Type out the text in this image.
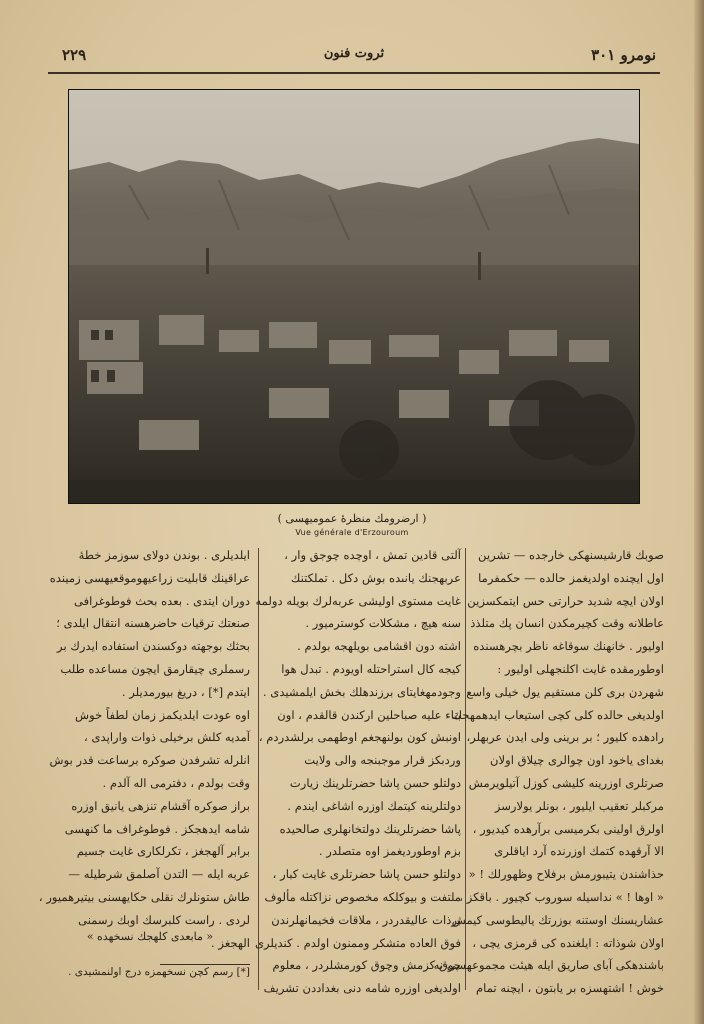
نومرو ٣٠١
ثروت فنون
٢٢٩
( ارضرومك منظرۀ عموميهسى )
Vue générale d'Erzouroum
صوبك قارشيسنهكى خارجده — تشرين
اول ايچنده اولديغمز حالده — حكمفرما
اولان ايچه شديد حرارتى حس ايتمكسزين
عاطلانه وقت كچيرمكدن انسان پك متلذذ
اوليور . خانهنك سوقاغه ناظر بچرهسنده
اوطورمقده غايت اكلنجهلى اوليور :
شهردن برى كلن مستقيم يول خيلى واسع
اولديغى حالده كلى كچى استيعاب ايدهمهجك
رادهده كليور ؛ بر برينى ولى ايدن عربهلر،
بغداى ياخود اون چوالرى چيلاق اولان
صرتلرى اوزرينه كليشى كوزل آتيلويرمش
مركبلر تعقيب ايليور ، بونلر يولارسز
اولرق اولينى بكرميسى برآرهده كيديور ،
الا آرقهده كتمك اوزرنده آرد اياقلرى
حذاشندن يتيبورمش برفلاح وظهورلك ! «
« اوها ! » نداسيله سوروب كچيور . باقكز ،
عشاريسنك اوستنه بوزرتك ياليطوسى كيمش
اولان شوذاته : ايلغنده كى قرمزى يچى ،
باشندهكى آباى صاريق ايله هيئت مجموعهسى نه
خوش ! اشتهسزه بر يابتون ، ايچنه تمام
آلتى قادين تمش ، اوچده چوجق وار ،
عربهجنك يانىده بوش دكل . تملكتنك
غايت مستوى اوليشى عربه‌لرك بويله دولمه
سنه هيچ ، مشكلات كوسترميور .
اشته دون اقشامى بويلهجه بولدم .
كيجه كال استراحتله اويودم . تبدل هوا
وجودمهغايتاى برزندهلك بخش ايلمشيدى .
بناء عليه صباحلين اركندن قالقدم ، اون
اونبش كون بولنهجغم اوطهمى برلشدردم ،
وردبكز قرار موجبنجه والى ولايت
دولتلو حسن پاشا حضرتلرينك زيارت
دولتلرينه كيتمك اوزره اشاغى ايندم .
پاشا حضرتلرينك دولتخانهلرى صالحيده
بزم اوطورديغمز اوه متصلدر .
دولتلو حسن پاشا حضرتلرى غايت كبار ،
ملتفت و بيوكلكه مخصوص نزاكتله مألوف
برذات عاليقدردر ، ملاقات فخيمانهلرندن
فوق العاده متشكر وممنون اولدم . كنديلرى
چوق كزمش وچوق كورمشلردر ، معلوم
اولديغى اوزره شامه دنى بغداددن تشريف
ايلديلرى . بوندن دولاى سوزمز خطهٔ
عراقينك قابليت زراعيهوموقعيهسى زمينده
دوران ايتدى . بعده بحث فوطوغرافى
صنعتك ترقيات حاضرهسنه انتقال ايلدى ؛
بحثك بوجهته دوكسندن استفاده ايدرك بر
رسملرى چيقارمق ايچون مساعده طلب
ايتدم [*] ، دريغ بيورمديلر .
اوه عودت ايلديكمز زمان لطفاً خوش
آمديه كلش برخيلى ذوات واراپدى ،
انلرله تشرفدن صوكره برساعت قدر بوش
وقت بولدم ، دفترمى اله آلدم .
براز صوكره آقشام تنزهى يانيق اوزره
شامه ايدهجكز . فوطوغراف ما كنهسى
برابر آلهجغز ، تكرلكارى غايت جسيم
عربه ايله — التدن آصلمق شرطيله —
طاش ستونلرك نقلى حكايهسنى بيتيرهميور ،
لردى . راست كلبرسك اوبك رسمنى
الهجغز .
« مابعدى كلهجك نسخهده »
[*] رسم كچن نسخهمزه درج اولنمشيدى .
